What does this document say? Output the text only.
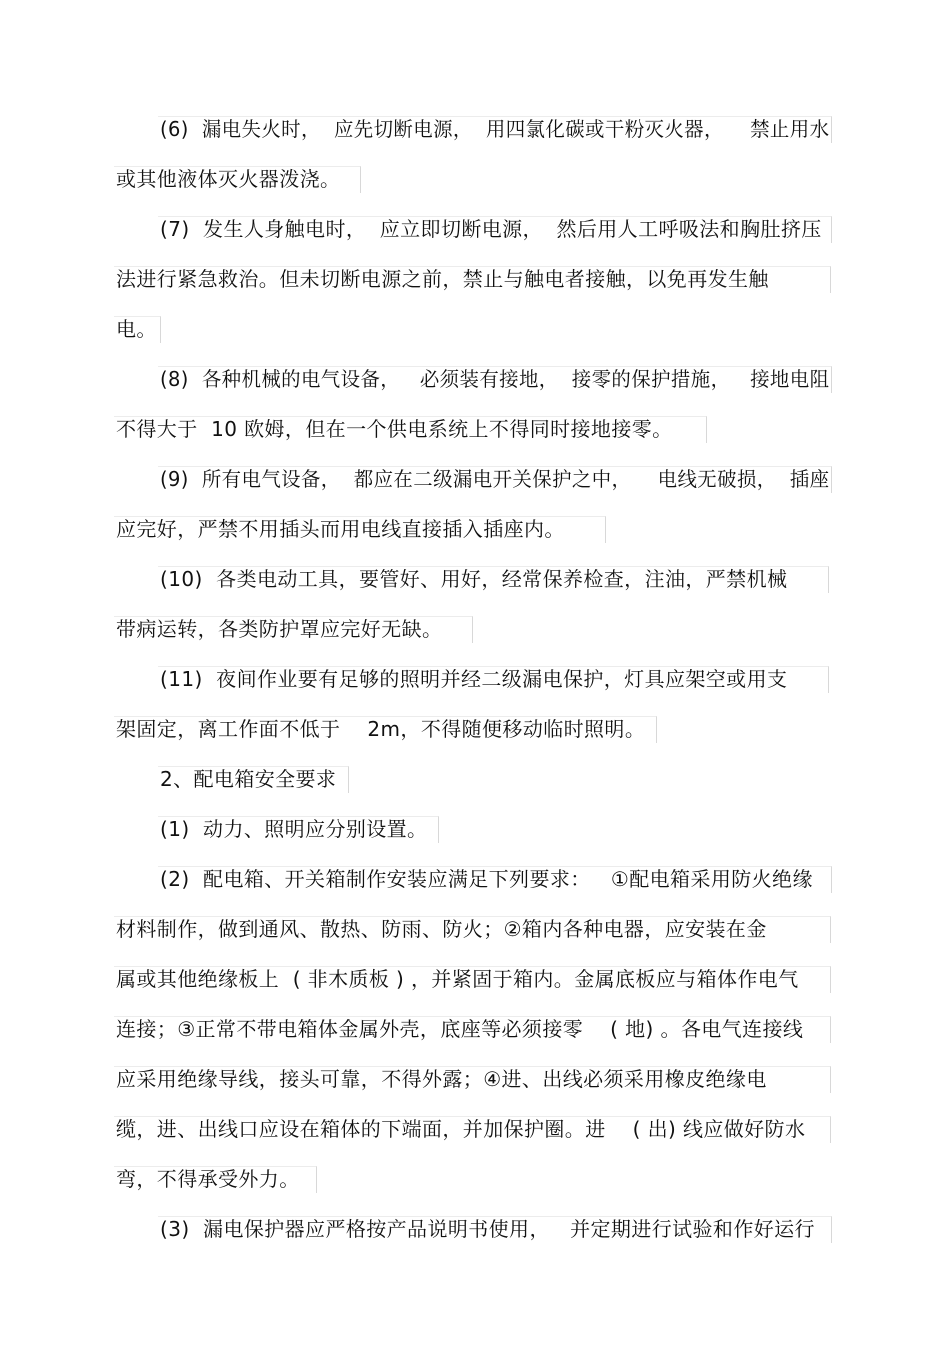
(6)  漏电失火时，  应先切断电源，  用四氯化碳或干粉灭火器，    禁止用水
或其他液体灭火器泼浇。
(7)  发生人身触电时，  应立即切断电源，  然后用人工呼吸法和胸肚挤压
法进行紧急救治。但未切断电源之前，禁止与触电者接触，以免再发生触
电。
(8)  各种机械的电气设备，   必须装有接地，  接零的保护措施，   接地电阻
不得大于  10 欧姆，但在一个供电系统上不得同时接地接零。
(9)  所有电气设备，  都应在二级漏电开关保护之中，    电线无破损，  插座
应完好，严禁不用插头而用电线直接插入插座内。
(10)  各类电动工具，要管好、用好，经常保养检查，注油，严禁机械
带病运转，各类防护罩应完好无缺。
(11)  夜间作业要有足够的照明并经二级漏电保护，灯具应架空或用支
架固定，离工作面不低于    2m，不得随便移动临时照明。
2、配电箱安全要求
(1)  动力、照明应分别设置。
(2)  配电箱、开关箱制作安装应满足下列要求：   ①配电箱采用防火绝缘
材料制作，做到通风、散热、防雨、防火；②箱内各种电器，应安装在金
属或其他绝缘板上  ( 非木质板 ) ，并紧固于箱内。金属底板应与箱体作电气
连接；③正常不带电箱体金属外壳，底座等必须接零    ( 地) 。各电气连接线
应采用绝缘导线，接头可靠，不得外露；④进、出线必须采用橡皮绝缘电
缆，进、出线口应设在箱体的下端面，并加保护圈。进    ( 出) 线应做好防水
弯，不得承受外力。
(3)  漏电保护器应严格按产品说明书使用，   并定期进行试验和作好运行
